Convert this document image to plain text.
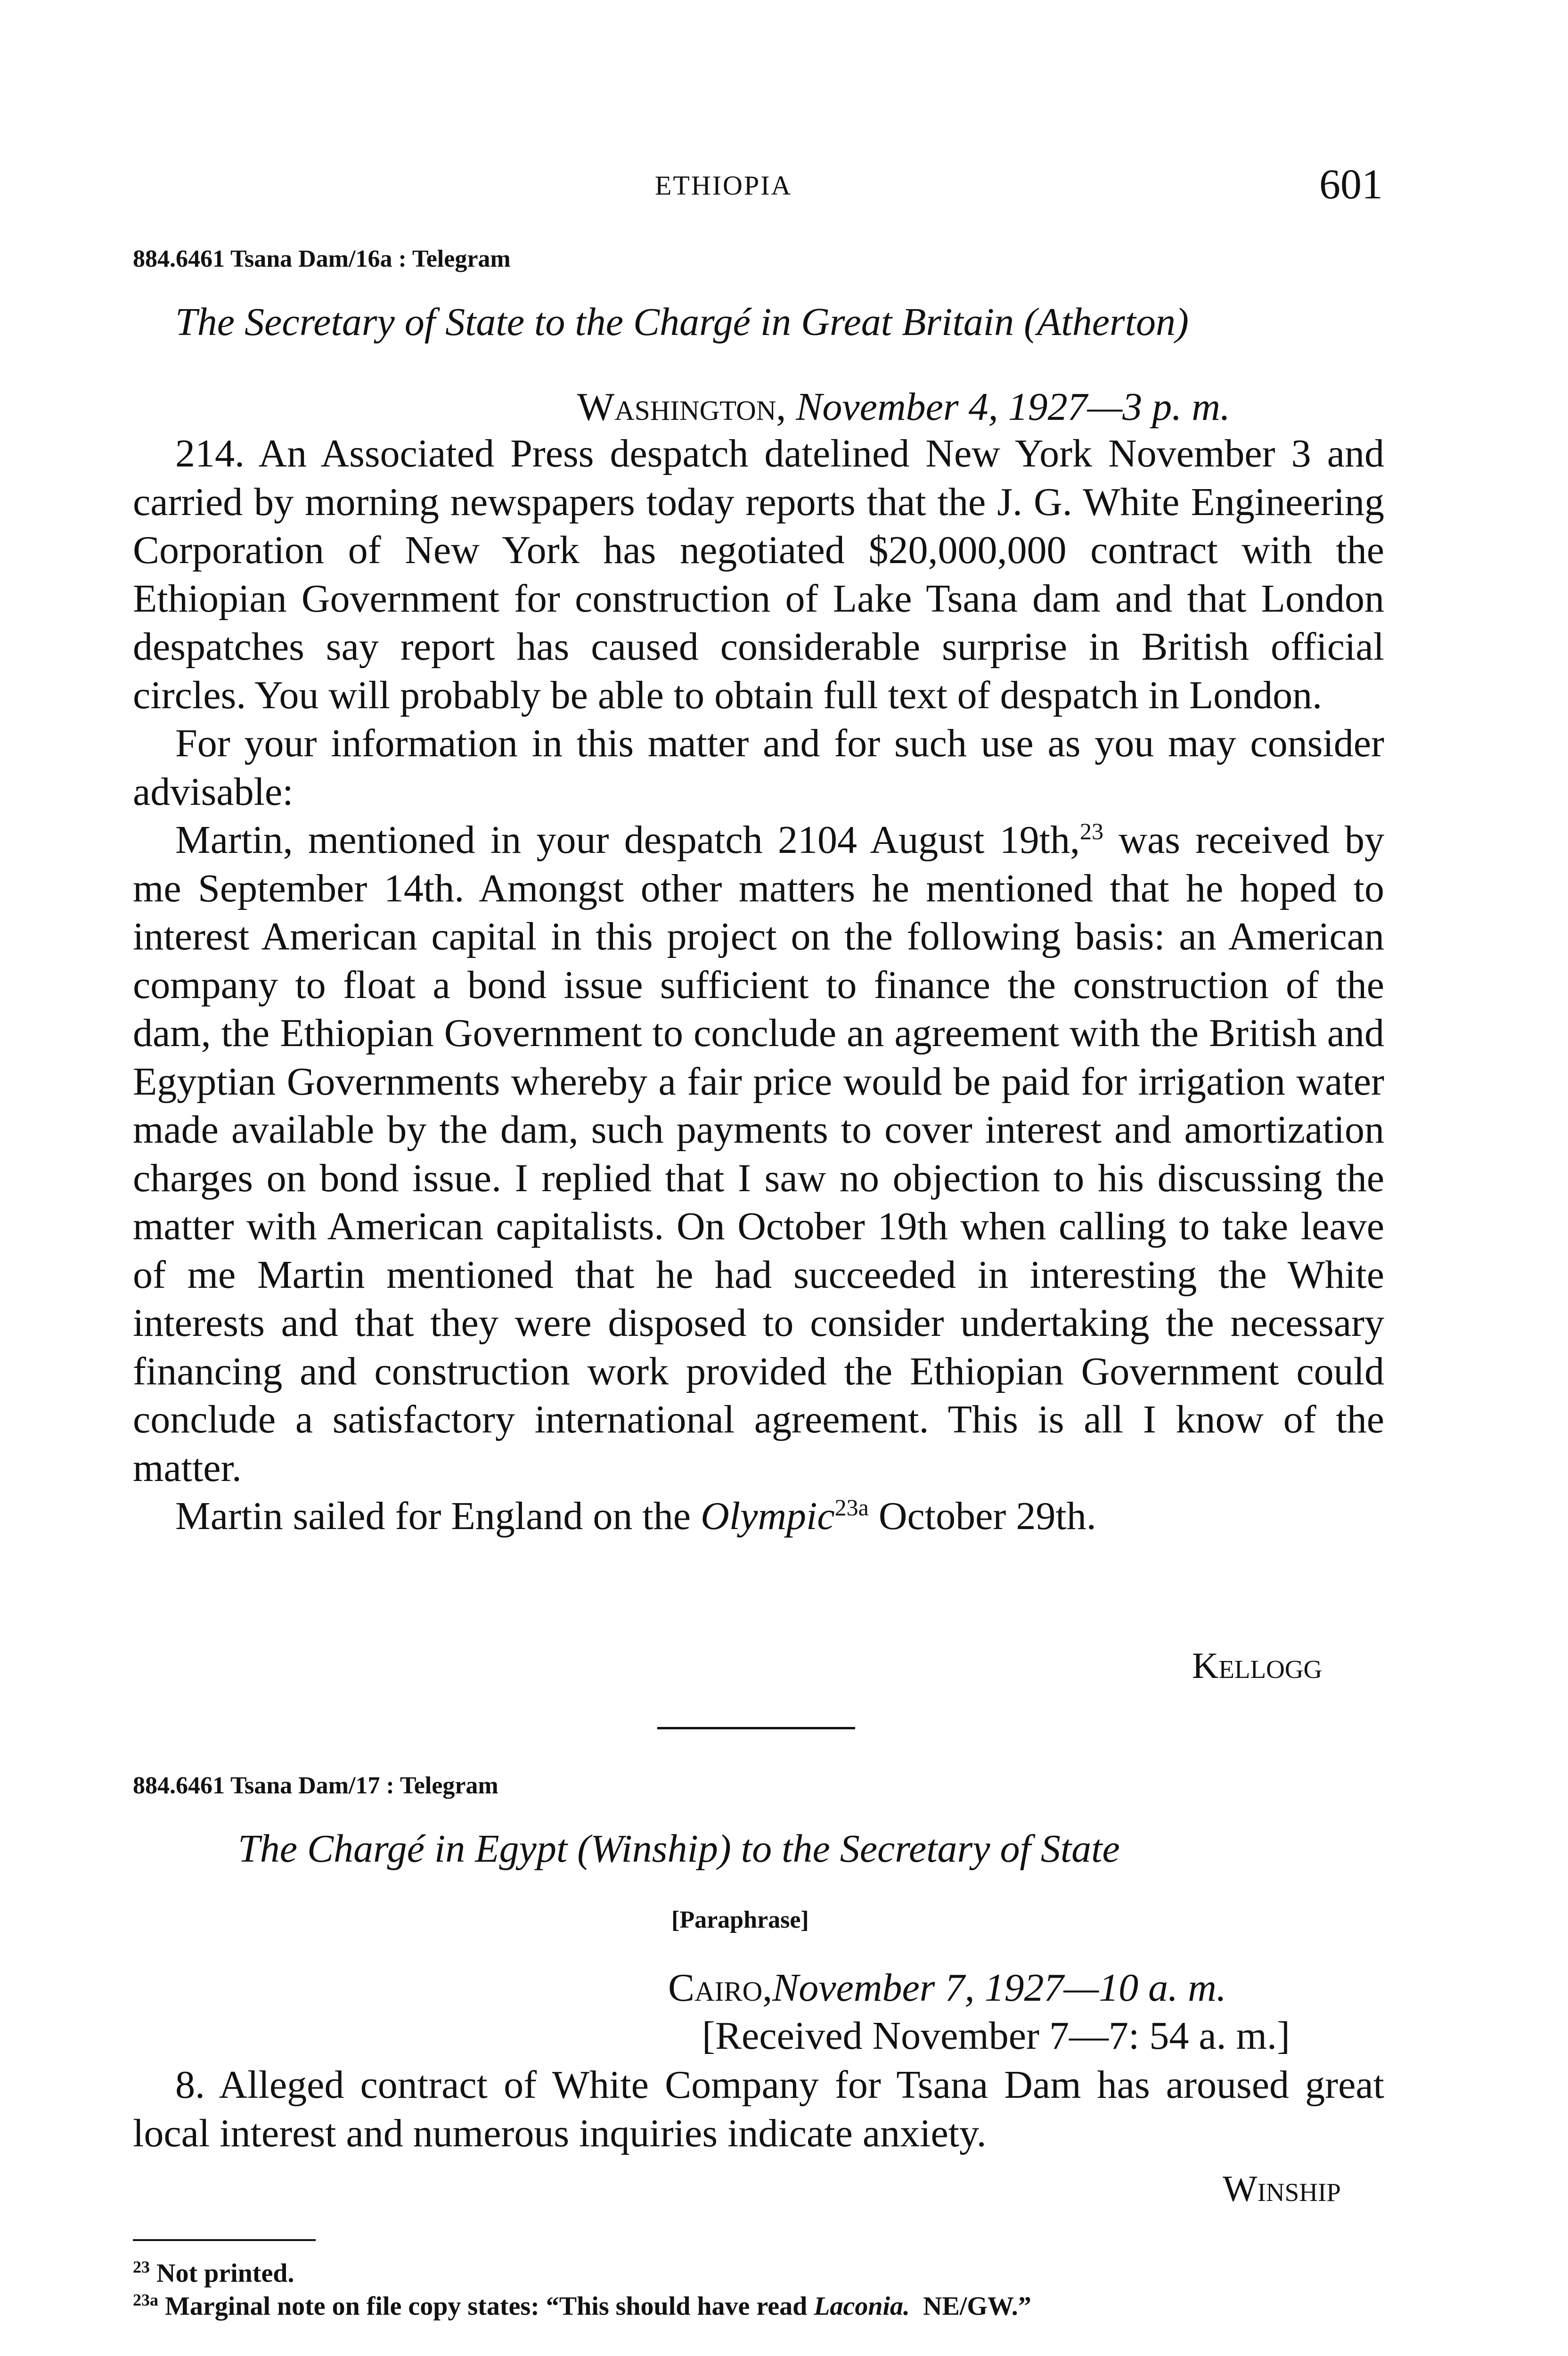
ETHIOPIA	601
884.6461 Tsana Dam/16a : Telegram
The Secretary of State to the Chargé in Great Britain (Atherton)
Washington, November 4, 1927—3 p. m.

214. An Associated Press despatch datelined New York November 3 and carried by morning newspapers today reports that the J. G. White Engineering Corporation of New York has negotiated $20,000,000 contract with the Ethiopian Government for construction of Lake Tsana dam and that London despatches say report has caused considerable surprise in British official circles. You will probably be able to obtain full text of despatch in London.

For your information in this matter and for such use as you may consider advisable:

Martin, mentioned in your despatch 2104 August 19th,$^{23}$ was received by me September 14th. Amongst other matters he mentioned that he hoped to interest American capital in this project on the following basis: an American company to float a bond issue sufficient to finance the construction of the dam, the Ethiopian Government to conclude an agreement with the British and Egyptian Governments whereby a fair price would be paid for irrigation water made available by the dam, such payments to cover interest and amortization charges on bond issue. I replied that I saw no objection to his discussing the matter with American capitalists. On October 19th when calling to take leave of me Martin mentioned that he had succeeded in interesting the White interests and that they were disposed to consider undertaking the necessary financing and construction work provided the Ethiopian Government could conclude a satisfactory international agreement. This is all I know of the matter.

Martin sailed for England on the Olympic$^{23a}$ October 29th.

Kellogg
884.6461 Tsana Dam/17 : Telegram
The Chargé in Egypt (Winship) to the Secretary of State
[Paraphrase]
Cairo,November 7, 1927—10 a. m.
[Received November 7—7: 54 a. m.]

8. Alleged contract of White Company for Tsana Dam has aroused great local interest and numerous inquiries indicate anxiety.

Winship
$^{23}$ Not printed.
$^{23a}$ Marginal note on file copy states: “This should have read Laconia.  NE/GW.”
